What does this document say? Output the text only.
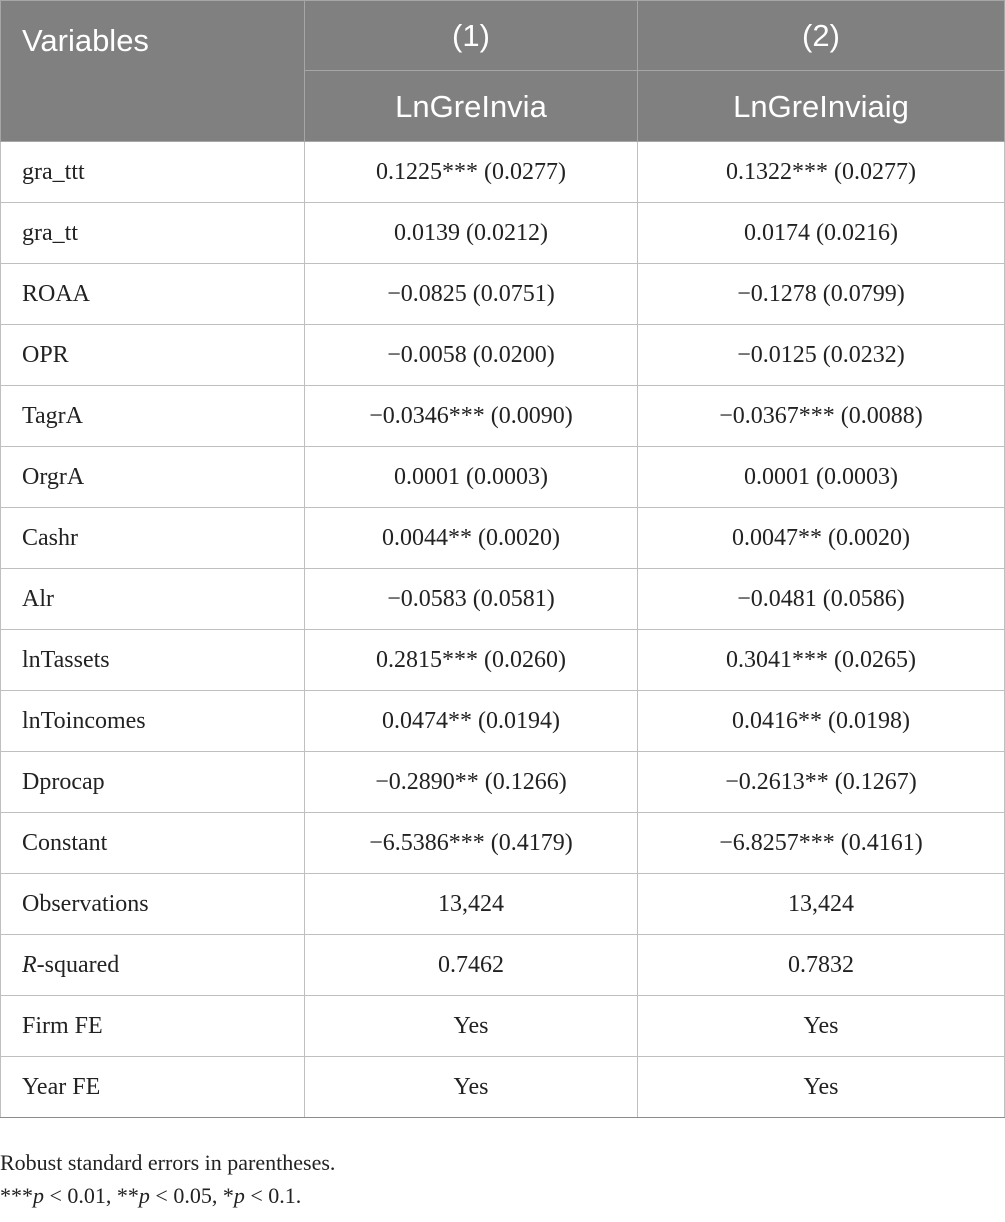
Variables	(1)	(2)
	LnGreInvia	LnGreInviaig
gra_ttt	0.1225*** (0.0277)	0.1322*** (0.0277)
gra_tt	0.0139 (0.0212)	0.0174 (0.0216)
ROAA	−0.0825 (0.0751)	−0.1278 (0.0799)
OPR	−0.0058 (0.0200)	−0.0125 (0.0232)
TagrA	−0.0346*** (0.0090)	−0.0367*** (0.0088)
OrgrA	0.0001 (0.0003)	0.0001 (0.0003)
Cashr	0.0044** (0.0020)	0.0047** (0.0020)
Alr	−0.0583 (0.0581)	−0.0481 (0.0586)
lnTassets	0.2815*** (0.0260)	0.3041*** (0.0265)
lnToincomes	0.0474** (0.0194)	0.0416** (0.0198)
Dprocap	−0.2890** (0.1266)	−0.2613** (0.1267)
Constant	−6.5386*** (0.4179)	−6.8257*** (0.4161)
Observations	13,424	13,424
R-squared	0.7462	0.7832
Firm FE	Yes	Yes
Year FE	Yes	Yes

Robust standard errors in parentheses.

***p < 0.01, **p < 0.05, *p < 0.1.
